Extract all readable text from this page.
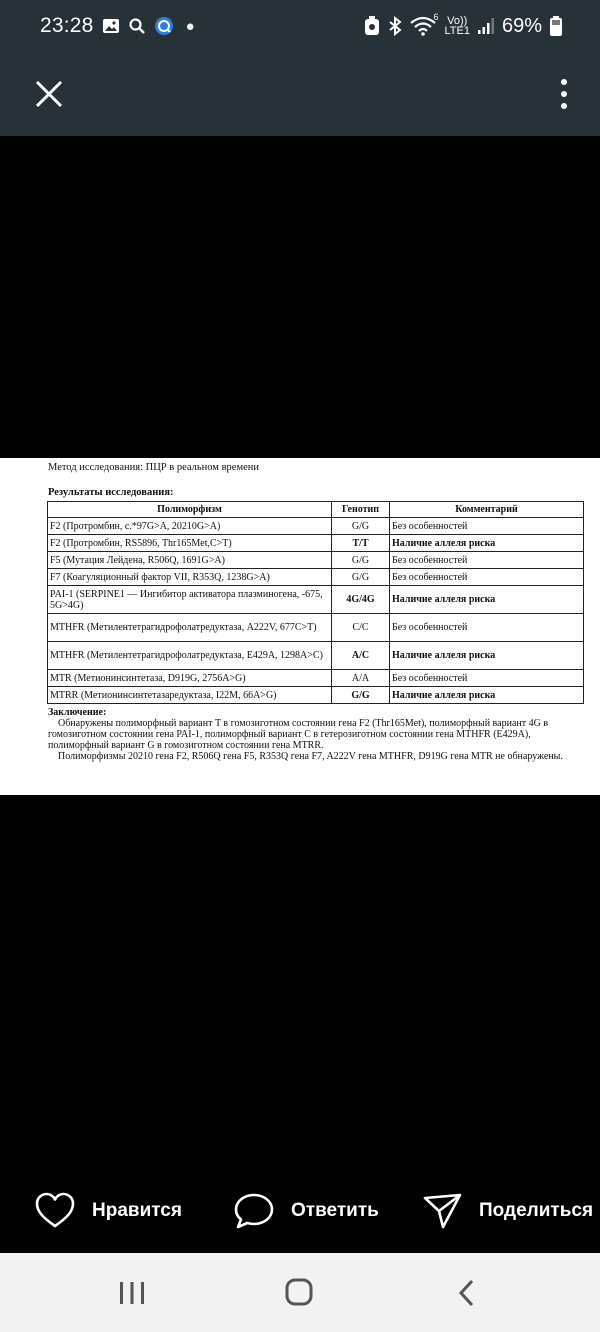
23:28	●
6 Vo))
LTE1 69%
Метод исследования: ПЦР в реальном времени
Результаты исследования:
Полиморфизм	Генотип	Комментарий
F2 (Протромбин, c.*97G>A, 20210G>A)	G/G	Без особенностей
F2 (Протромбин, RS5896, Thr165Met,C>T)	T/T	Наличие аллеля риска
F5 (Мутация Лейдена, R506Q, 1691G>A)	G/G	Без особенностей
F7 (Коагуляционный фактор VII, R353Q, 1238G>A)	G/G	Без особенностей
PAI-1 (SERPINE1 — Ингибитор активатора плазминогена, -675, 5G>4G)	4G/4G	Наличие аллеля риска
MTHFR (Метилентетрагидрофолатредуктаза, A222V, 677C>T)	C/C	Без особенностей
MTHFR (Метилентетрагидрофолатредуктаза, E429A, 1298A>C)	A/C	Наличие аллеля риска
MTR (Метионинсинтетаза, D919G, 2756A>G)	A/A	Без особенностей
MTRR (Метионинсинтетазаредуктаза, I22M, 66A>G)	G/G	Наличие аллеля риска
Заключение:

Обнаружены полиморфный вариант T в гомозиготном состоянии гена F2 (Thr165Met), полиморфный вариант 4G в гомозиготном состоянии гена PAI-1, полиморфный вариант C в гетерозиготном состоянии гена MTHFR (E429A), полиморфный вариант G в гомозиготном состоянии гена MTRR.

Полиморфизмы 20210 гена F2, R506Q гена F5, R353Q гена F7, A222V гена MTHFR, D919G гена MTR не обнаружены.

Нравится	Ответить	Поделиться
